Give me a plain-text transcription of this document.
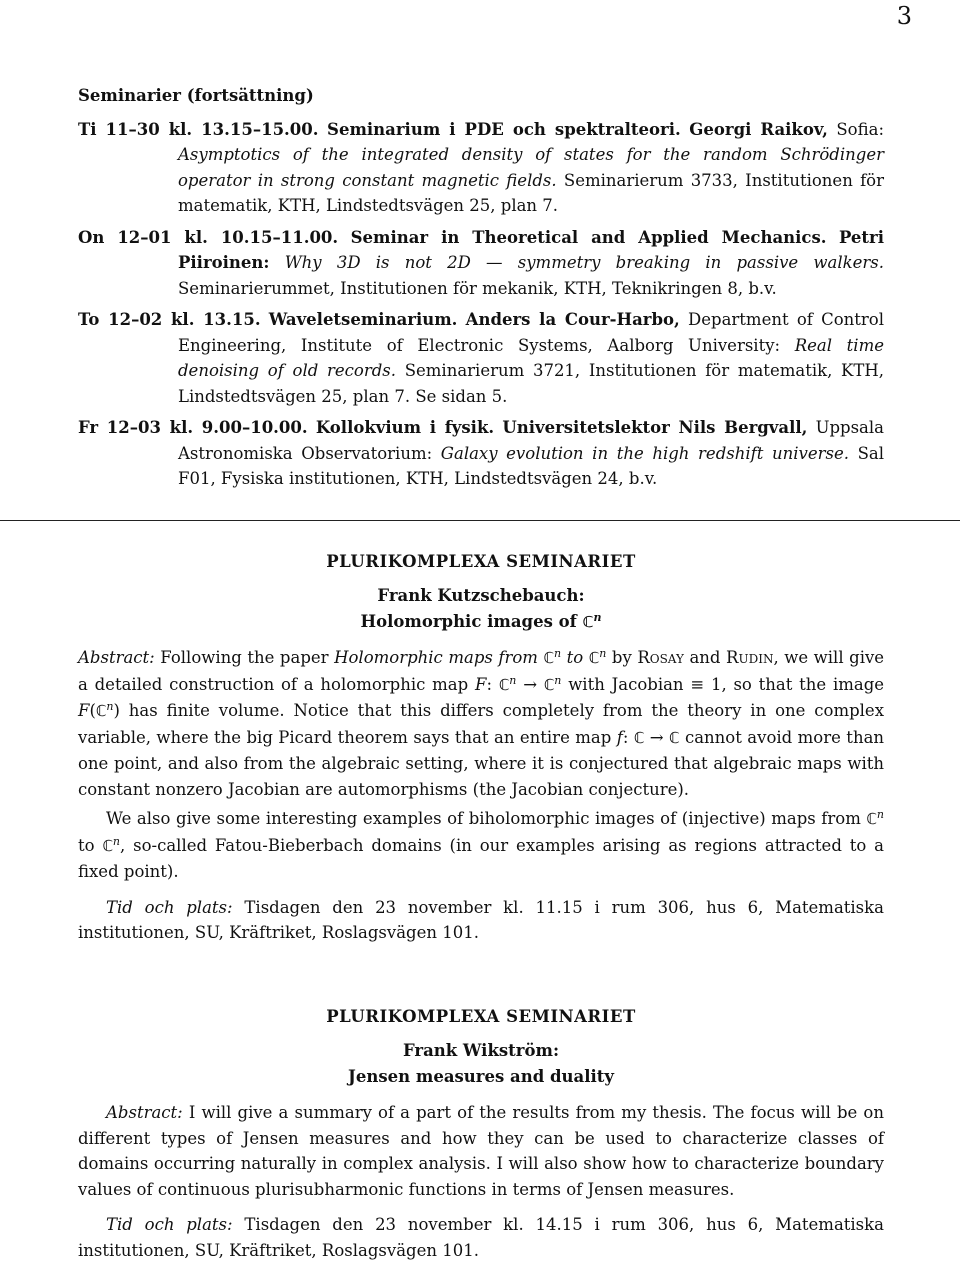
3
Seminarier (fortsättning)

Ti 11–30 kl. 13.15–15.00. Seminarium i PDE och spektralteori. Georgi Raikov, Sofia: Asymptotics of the integrated density of states for the random Schrödinger operator in strong constant magnetic fields. Seminarierum 3733, Institutionen för matematik, KTH, Lindstedtsvägen 25, plan 7.

On 12–01 kl. 10.15–11.00. Seminar in Theoretical and Applied Mechanics. Petri Piiroinen: Why 3D is not 2D — symmetry breaking in passive walkers. Seminarierummet, Institutionen för mekanik, KTH, Teknikringen 8, b.v.

To 12–02 kl. 13.15. Waveletseminarium. Anders la Cour-Harbo, Department of Control Engineering, Institute of Electronic Systems, Aalborg University: Real time denoising of old records. Seminarierum 3721, Institutionen för matematik, KTH, Lindstedtsvägen 25, plan 7. Se sidan 5.

Fr 12–03 kl. 9.00–10.00. Kollokvium i fysik. Universitetslektor Nils Bergvall, Uppsala Astronomiska Observatorium: Galaxy evolution in the high redshift universe. Sal F01, Fysiska institutionen, KTH, Lindstedtsvägen 24, b.v.

PLURIKOMPLEXA SEMINARIET

Frank Kutzschebauch:

Holomorphic images of ℂ$^n$

Abstract: Following the paper Holomorphic maps from ℂ$^n$ to ℂ$^n$ by Rosay and Rudin, we will give a detailed construction of a holomorphic map F: ℂ$^n$ → ℂ$^n$ with Jacobian ≡ 1, so that the image F(ℂ$^n$) has finite volume. Notice that this differs completely from the theory in one complex variable, where the big Picard theorem says that an entire map f: ℂ → ℂ cannot avoid more than one point, and also from the algebraic setting, where it is conjectured that algebraic maps with constant nonzero Jacobian are automorphisms (the Jacobian conjecture).

We also give some interesting examples of biholomorphic images of (injective) maps from ℂ$^n$ to ℂ$^n$, so-called Fatou-Bieberbach domains (in our examples arising as regions attracted to a fixed point).

Tid och plats: Tisdagen den 23 november kl. 11.15 i rum 306, hus 6, Matematiska institutionen, SU, Kräftriket, Roslagsvägen 101.

PLURIKOMPLEXA SEMINARIET

Frank Wikström:

Jensen measures and duality

Abstract: I will give a summary of a part of the results from my thesis. The focus will be on different types of Jensen measures and how they can be used to characterize classes of domains occurring naturally in complex analysis. I will also show how to characterize boundary values of continuous plurisubharmonic functions in terms of Jensen measures.

Tid och plats: Tisdagen den 23 november kl. 14.15 i rum 306, hus 6, Matematiska institutionen, SU, Kräftriket, Roslagsvägen 101.
